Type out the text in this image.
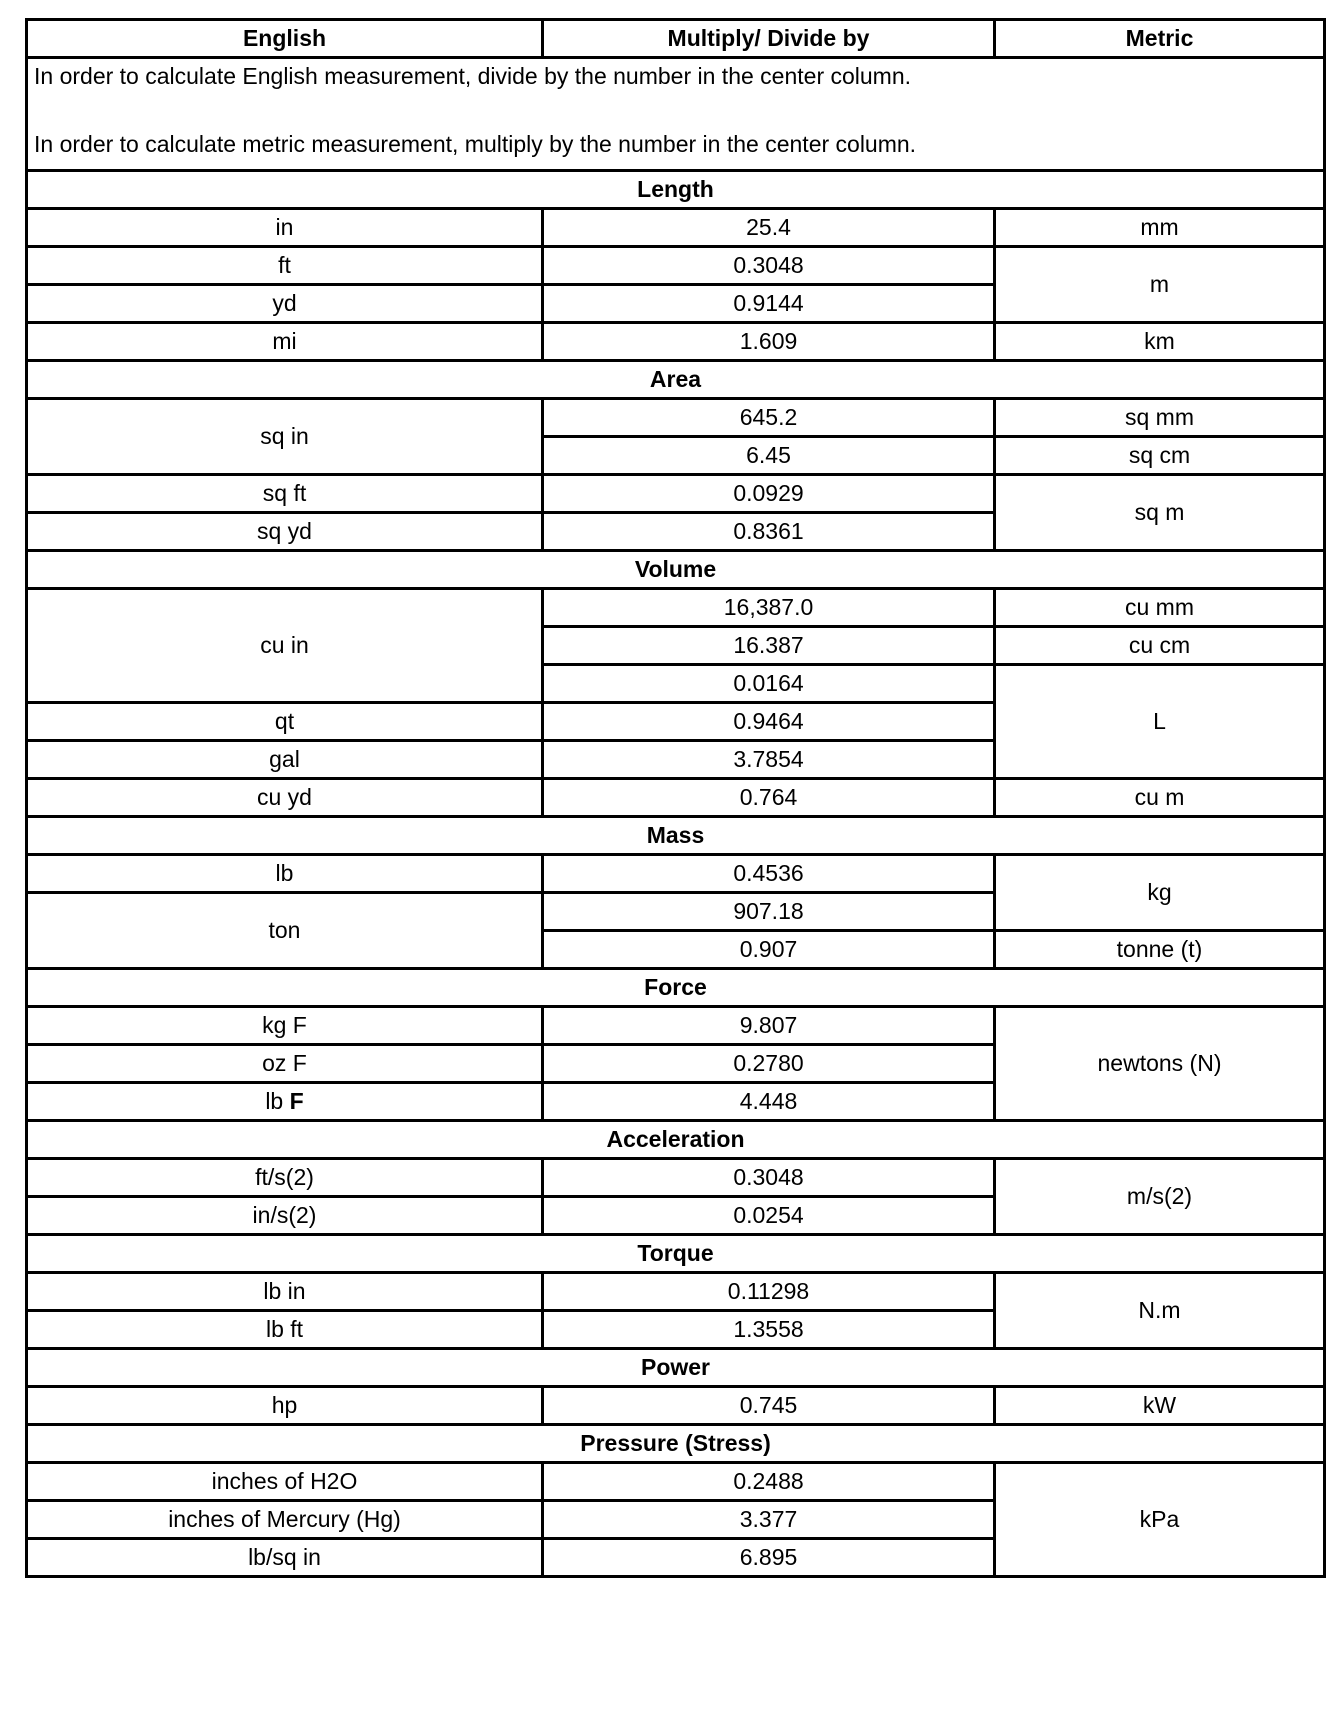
English	Multiply/ Divide by	Metric

In order to calculate English measurement, divide by the number in the center column.

In order to calculate metric measurement, multiply by the number in the center column.		

Length		
in	25.4	mm
ft	0.3048	m
yd	0.9144	
mi	1.609	km
Area		
sq in	645.2	sq mm
	6.45	sq cm
sq ft	0.0929	sq m
sq yd	0.8361	
Volume		
cu in	16,387.0	cu mm
	16.387	cu cm
	0.0164	L
qt	0.9464	
gal	3.7854	
cu yd	0.764	cu m
Mass		
lb	0.4536	kg
ton	907.18	
	0.907	tonne (t)
Force		
kg F	9.807	newtons (N)
oz F	0.2780	
lb F	4.448	
Acceleration		
ft/s(2)	0.3048	m/s(2)
in/s(2)	0.0254	
Torque		
lb in	0.11298	N.m
lb ft	1.3558	
Power		
hp	0.745	kW
Pressure (Stress)		
inches of H2O	0.2488	kPa
inches of Mercury (Hg)	3.377	
lb/sq in	6.895	
